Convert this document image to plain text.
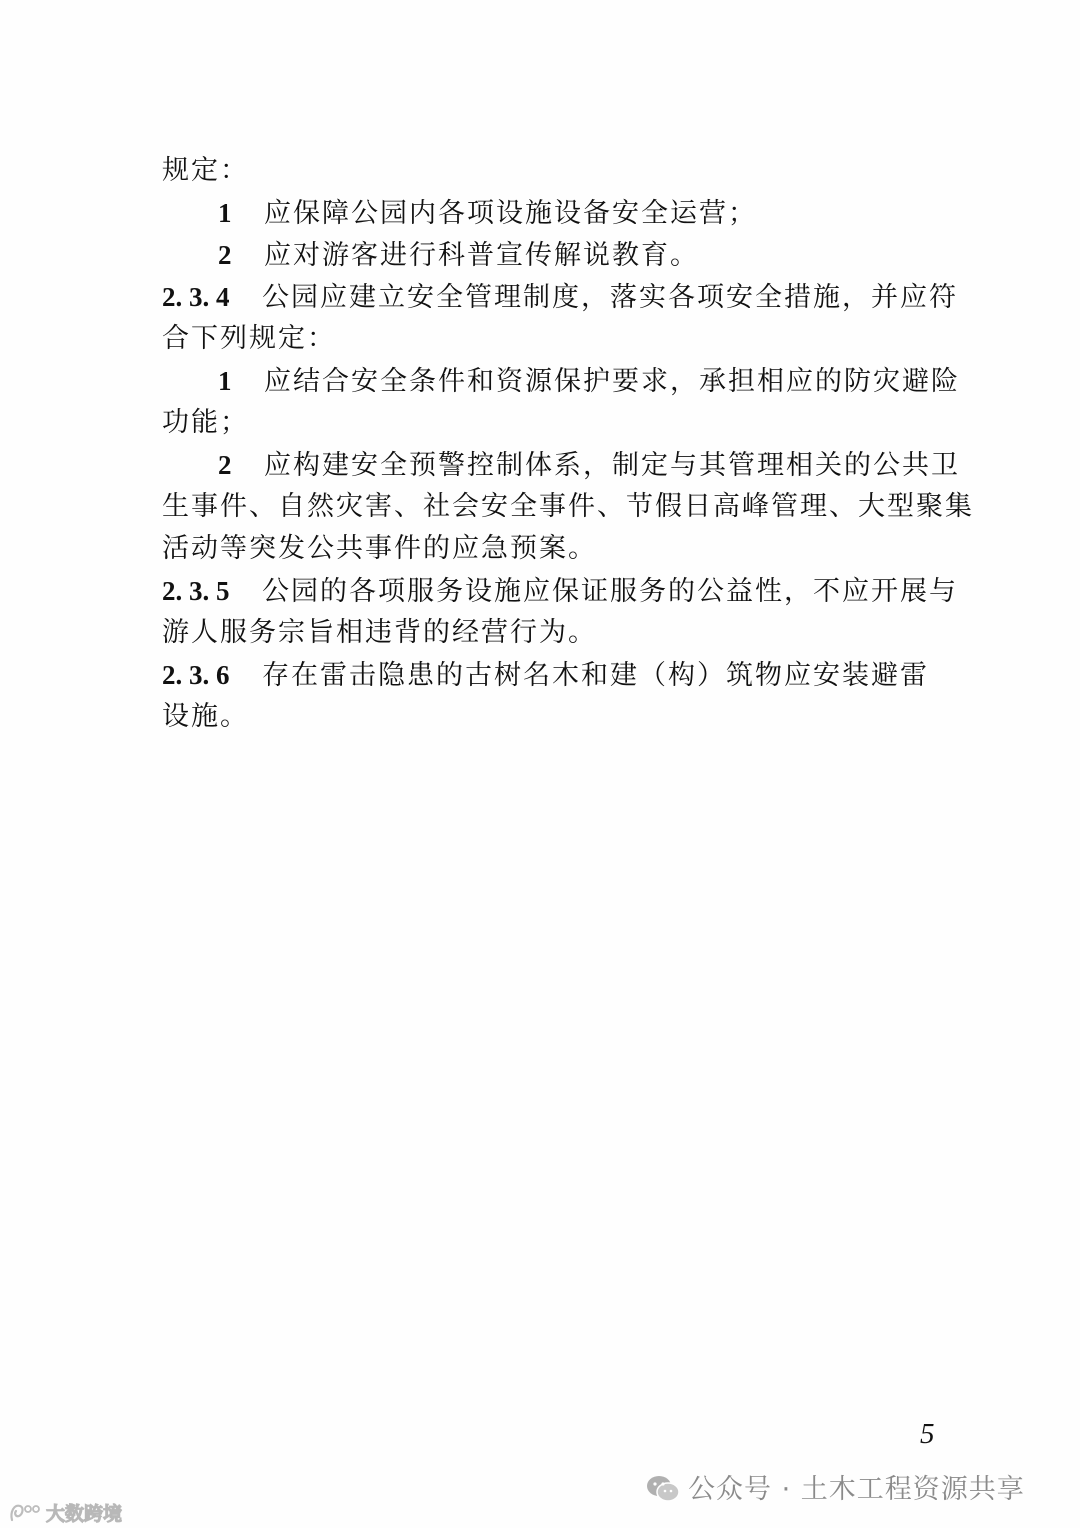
规定：
1 应保障公园内各项设施设备安全运营；
2 应对游客进行科普宣传解说教育。
2. 3. 4 公园应建立安全管理制度，落实各项安全措施，并应符
合下列规定：
1 应结合安全条件和资源保护要求，承担相应的防灾避险
功能；
2 应构建安全预警控制体系，制定与其管理相关的公共卫
生事件、自然灾害、社会安全事件、节假日高峰管理、大型聚集
活动等突发公共事件的应急预案。
2. 3. 5 公园的各项服务设施应保证服务的公益性，不应开展与
游人服务宗旨相违背的经营行为。
2. 3. 6 存在雷击隐患的古树名木和建（构）筑物应安装避雷
设施。
5
公众号 · 土木工程资源共享
大数跨境
